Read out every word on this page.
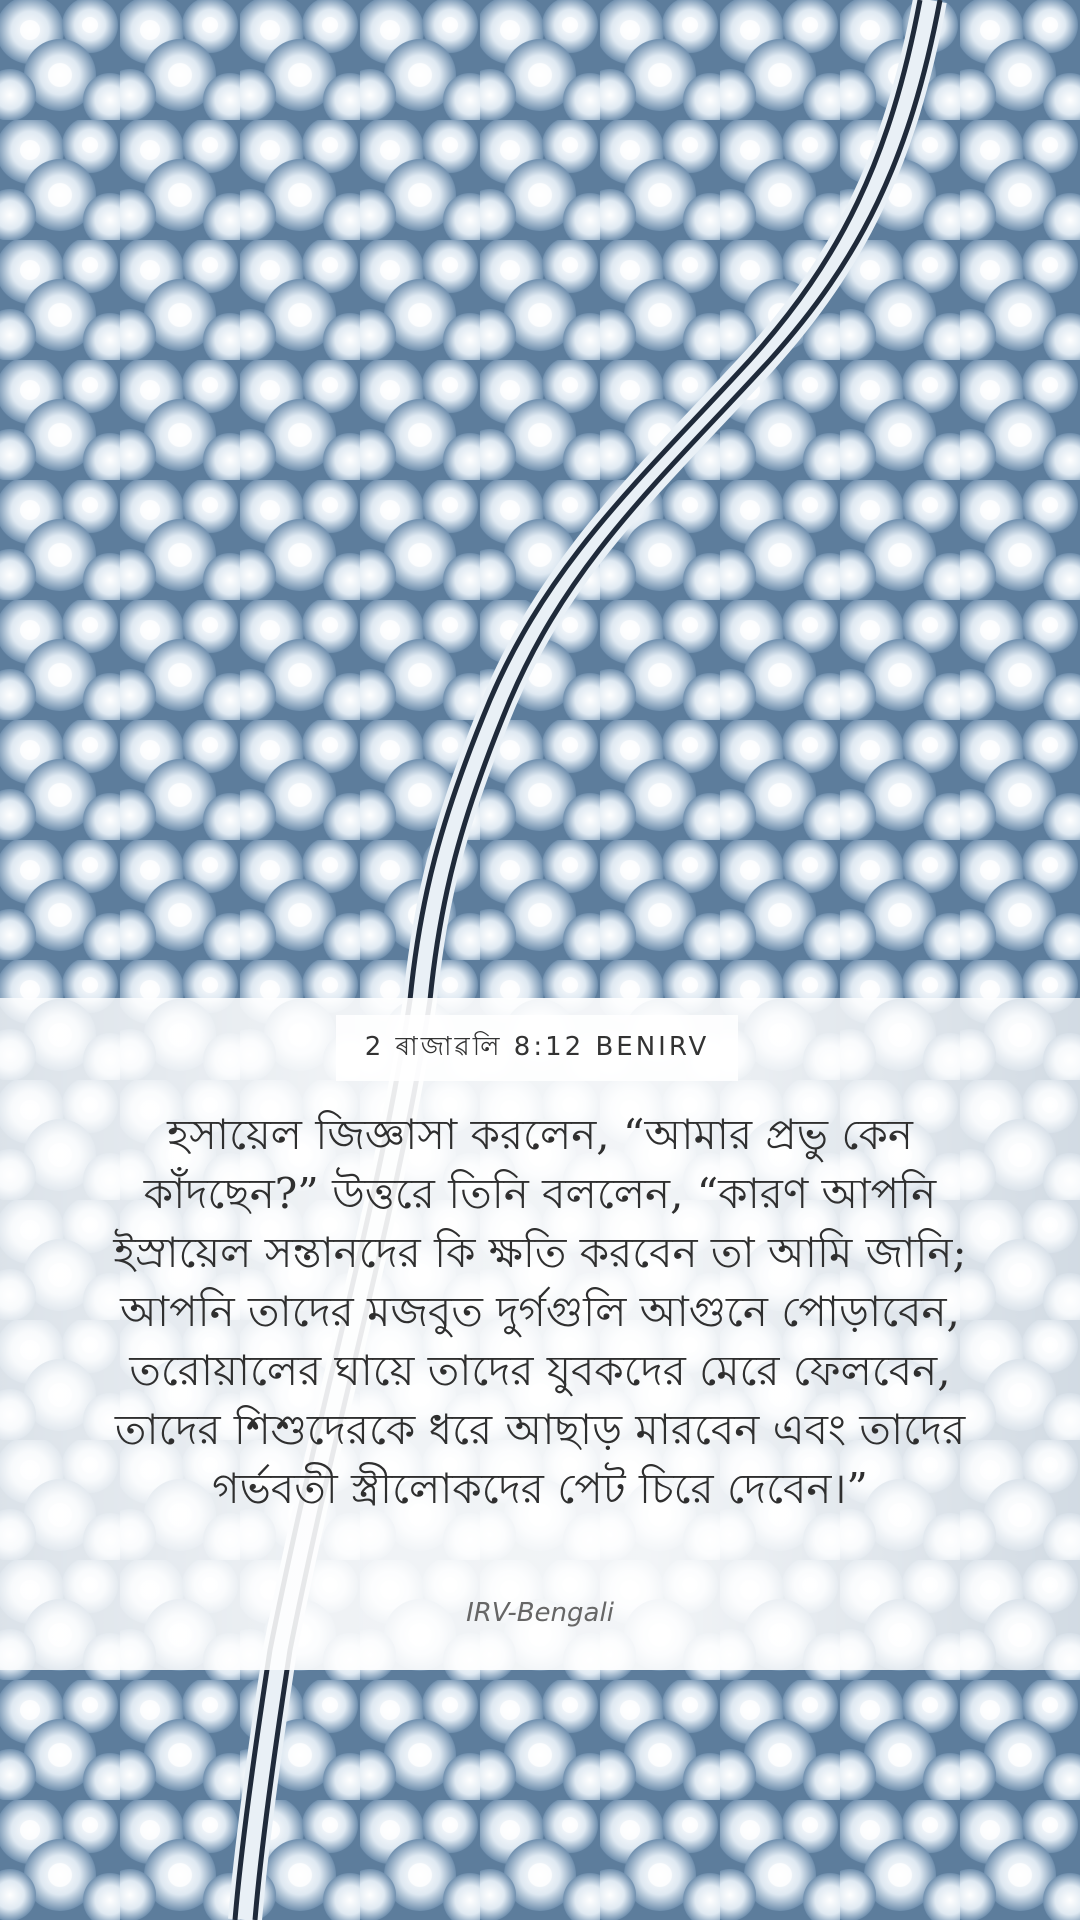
2 ৰাজাৱলি 8:12 BENIRV
হসায়েল জিজ্ঞাসা করলেন, “আমার প্রভু কেন কাঁদছেন?” উত্তরে তিনি বললেন, “কারণ আপনি ইস্রায়েল সন্তানদের কি ক্ষতি করবেন তা আমি জানি; আপনি তাদের মজবুত দুর্গগুলি আগুনে পোড়াবেন, তরোয়ালের ঘায়ে তাদের যুবকদের মেরে ফেলবেন, তাদের শিশুদেরকে ধরে আছাড় মারবেন এবং তাদের গর্ভবতী স্ত্রীলোকদের পেট চিরে দেবেন।”
IRV-Bengali
